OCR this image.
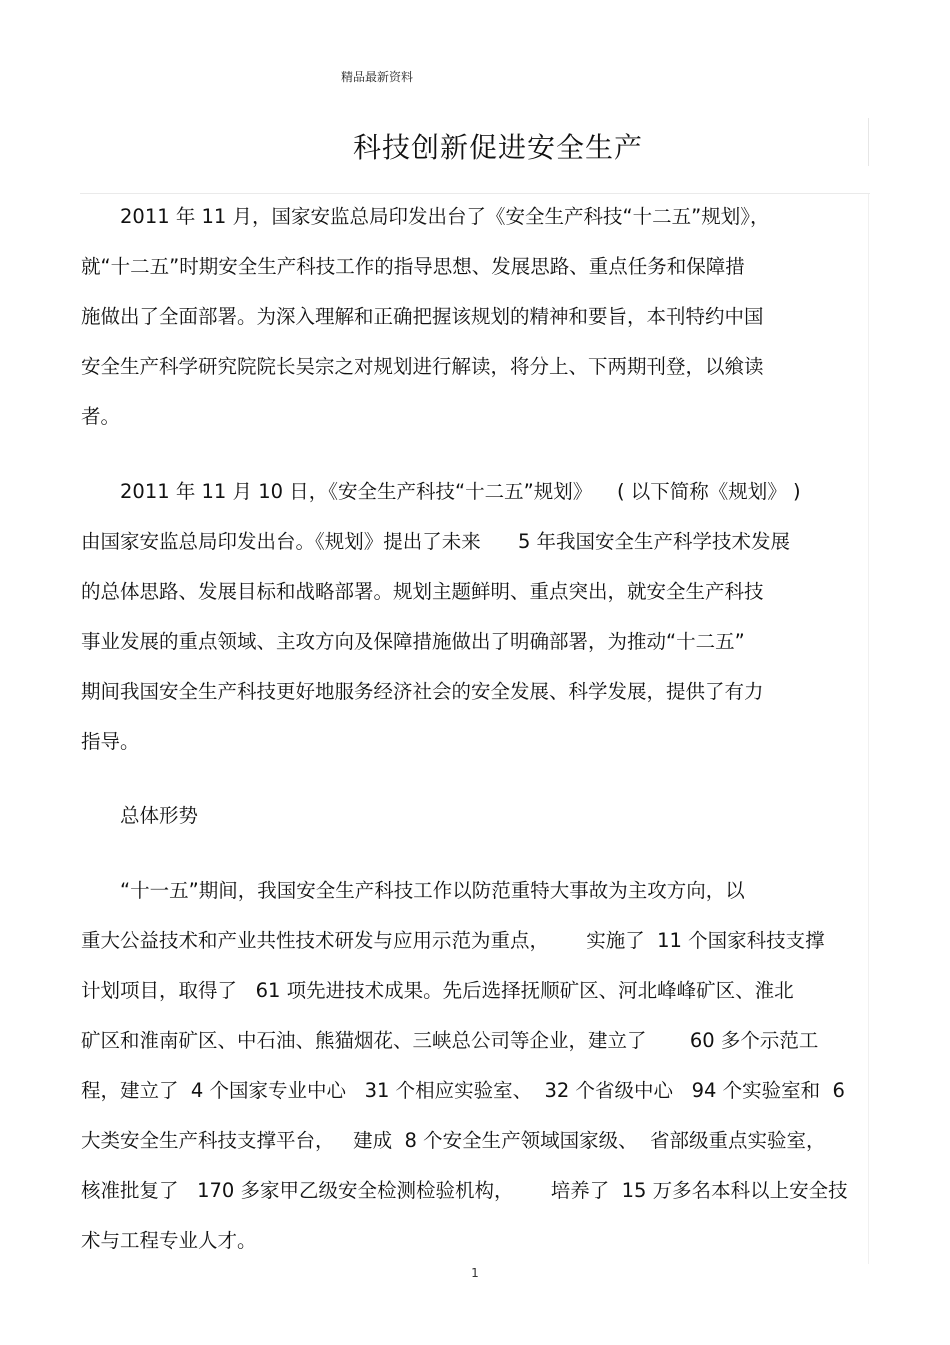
精品最新资料
科技创新促进安全生产
2011 年 11 月，国家安监总局印发出台了《安全生产科技“十二五”规划》，
就“十二五”时期安全生产科技工作的指导思想、发展思路、重点任务和保障措
施做出了全面部署。为深入理解和正确把握该规划的精神和要旨，本刊特约中国
安全生产科学研究院院长吴宗之对规划进行解读，将分上、下两期刊登，以飨读
者。
2011 年 11 月 10 日，《安全生产科技“十二五”规划》    ( 以下简称《规划》 )
由国家安监总局印发出台。《规划》提出了未来      5 年我国安全生产科学技术发展
的总体思路、发展目标和战略部署。规划主题鲜明、重点突出，就安全生产科技
事业发展的重点领域、主攻方向及保障措施做出了明确部署，为推动“十二五”
期间我国安全生产科技更好地服务经济社会的安全发展、科学发展，提供了有力
指导。
总体形势
“十一五”期间，我国安全生产科技工作以防范重特大事故为主攻方向，以
重大公益技术和产业共性技术研发与应用示范为重点，      实施了  11 个国家科技支撑
计划项目，取得了   61 项先进技术成果。先后选择抚顺矿区、河北峰峰矿区、淮北
矿区和淮南矿区、中石油、熊猫烟花、三峡总公司等企业，建立了       60 多个示范工
程，建立了  4 个国家专业中心   31 个相应实验室、  32 个省级中心   94 个实验室和  6
大类安全生产科技支撑平台，   建成  8 个安全生产领域国家级、  省部级重点实验室，
核准批复了   170 多家甲乙级安全检测检验机构，      培养了  15 万多名本科以上安全技
术与工程专业人才。
1
